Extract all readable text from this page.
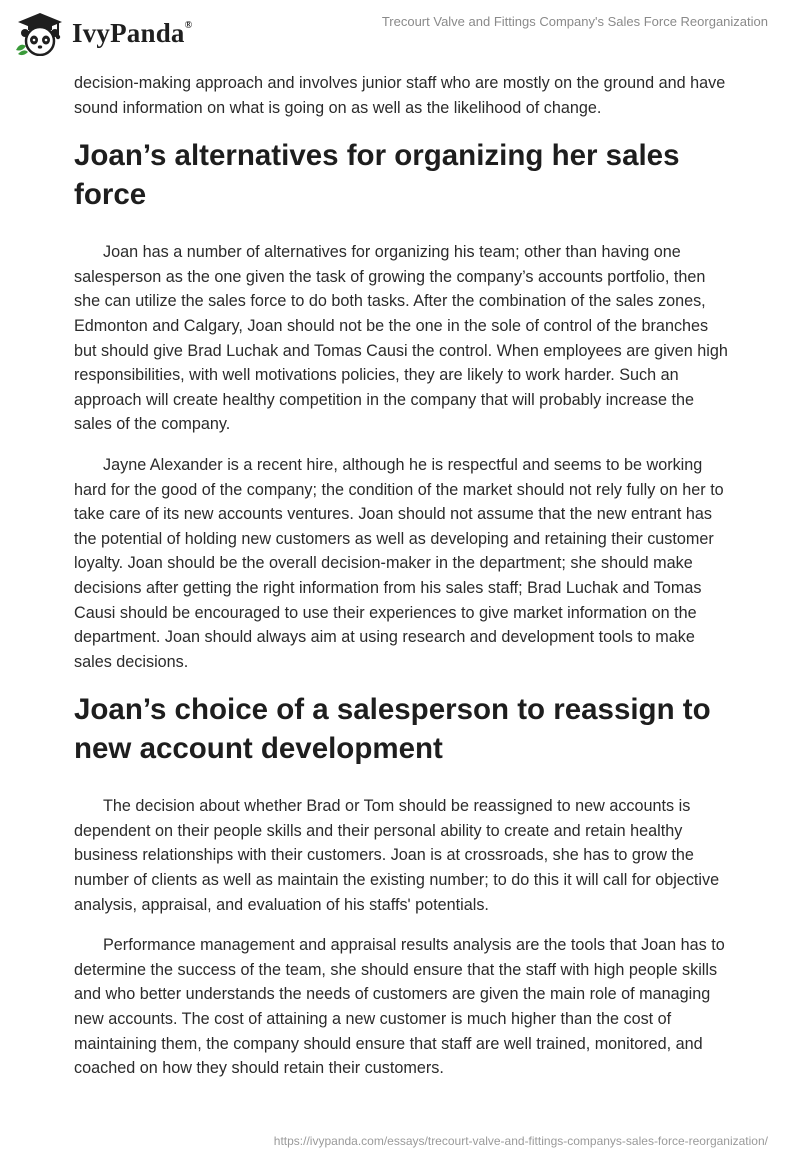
IvyPanda®	Trecourt Valve and Fittings Company's Sales Force Reorganization

decision-making approach and involves junior staff who are mostly on the ground and have sound information on what is going on as well as the likelihood of change.

Joan’s alternatives for organizing her sales force

Joan has a number of alternatives for organizing his team; other than having one salesperson as the one given the task of growing the company’s accounts portfolio, then she can utilize the sales force to do both tasks. After the combination of the sales zones, Edmonton and Calgary, Joan should not be the one in the sole of control of the branches but should give Brad Luchak and Tomas Causi the control. When employees are given high responsibilities, with well motivations policies, they are likely to work harder. Such an approach will create healthy competition in the company that will probably increase the sales of the company.

Jayne Alexander is a recent hire, although he is respectful and seems to be working hard for the good of the company; the condition of the market should not rely fully on her to take care of its new accounts ventures. Joan should not assume that the new entrant has the potential of holding new customers as well as developing and retaining their customer loyalty. Joan should be the overall decision-maker in the department; she should make decisions after getting the right information from his sales staff; Brad Luchak and Tomas Causi should be encouraged to use their experiences to give market information on the department. Joan should always aim at using research and development tools to make sales decisions.

Joan’s choice of a salesperson to reassign to new account development

The decision about whether Brad or Tom should be reassigned to new accounts is dependent on their people skills and their personal ability to create and retain healthy business relationships with their customers. Joan is at crossroads, she has to grow the number of clients as well as maintain the existing number; to do this it will call for objective analysis, appraisal, and evaluation of his staffs' potentials.

Performance management and appraisal results analysis are the tools that Joan has to determine the success of the team, she should ensure that the staff with high people skills and who better understands the needs of customers are given the main role of managing new accounts. The cost of attaining a new customer is much higher than the cost of maintaining them, the company should ensure that staff are well trained, monitored, and coached on how they should retain their customers.

https://ivypanda.com/essays/trecourt-valve-and-fittings-companys-sales-force-reorganization/
